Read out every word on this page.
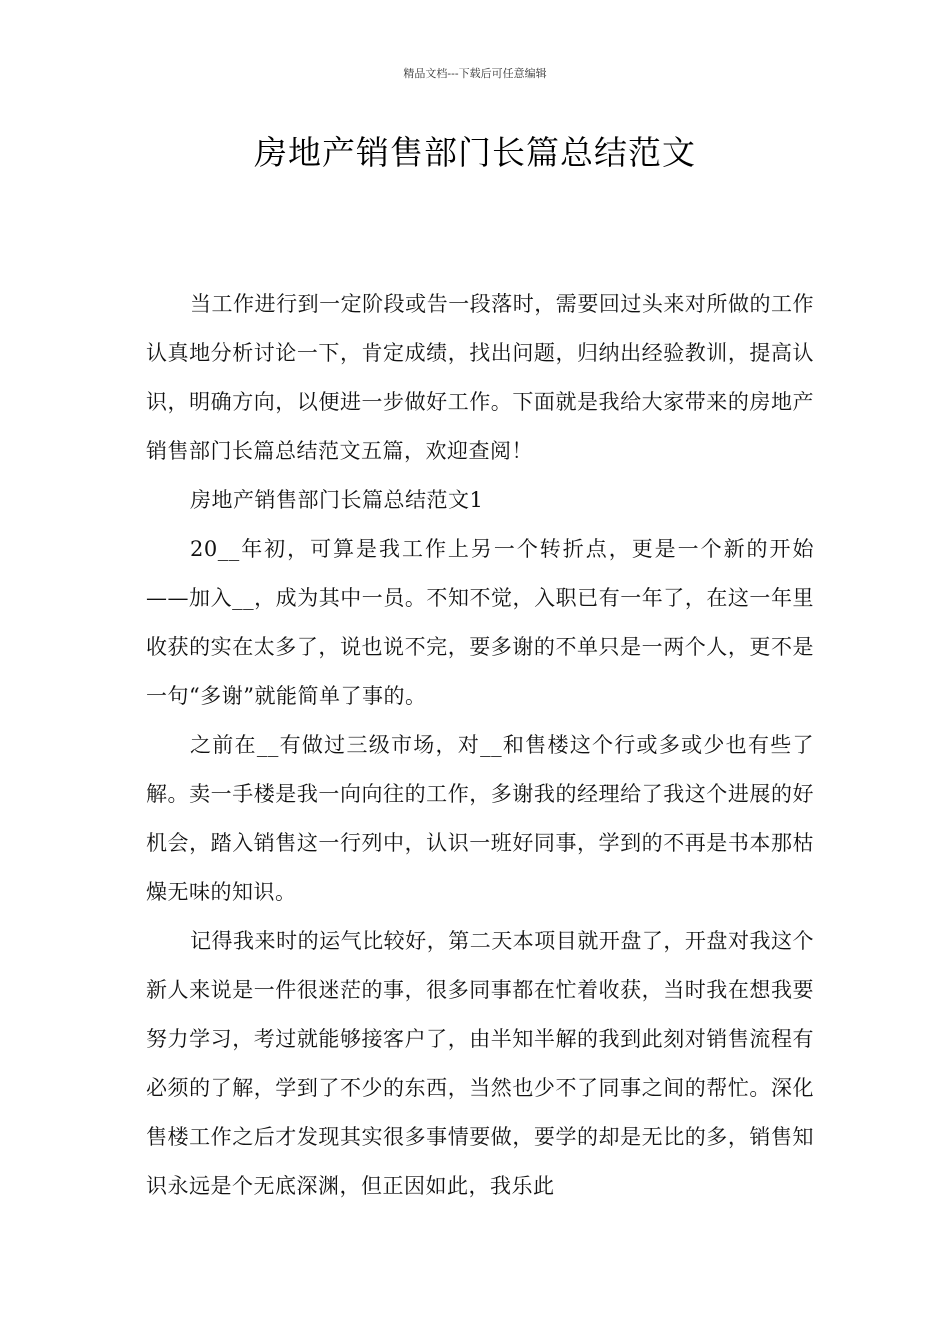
精品文档---下载后可任意编辑
房地产销售部门长篇总结范文

当工作进行到一定阶段或告一段落时，需要回过头来对所做的工作认真地分析讨论一下，肯定成绩，找出问题，归纳出经验教训，提高认识，明确方向，以便进一步做好工作。下面就是我给大家带来的房地产销售部门长篇总结范文五篇，欢迎查阅！

房地产销售部门长篇总结范文1

20__年初，可算是我工作上另一个转折点，更是一个新的开始——加入__，成为其中一员。不知不觉，入职已有一年了，在这一年里收获的实在太多了，说也说不完，要多谢的不单只是一两个人，更不是一句“多谢”就能简单了事的。

之前在__有做过三级市场，对__和售楼这个行或多或少也有些了解。卖一手楼是我一向向往的工作，多谢我的经理给了我这个进展的好机会，踏入销售这一行列中，认识一班好同事，学到的不再是书本那枯燥无味的知识。

记得我来时的运气比较好，第二天本项目就开盘了，开盘对我这个新人来说是一件很迷茫的事，很多同事都在忙着收获，当时我在想我要努力学习，考过就能够接客户了，由半知半解的我到此刻对销售流程有必须的了解，学到了不少的东西，当然也少不了同事之间的帮忙。深化售楼工作之后才发现其实很多事情要做，要学的却是无比的多，销售知识永远是个无底深渊，但正因如此，我乐此
